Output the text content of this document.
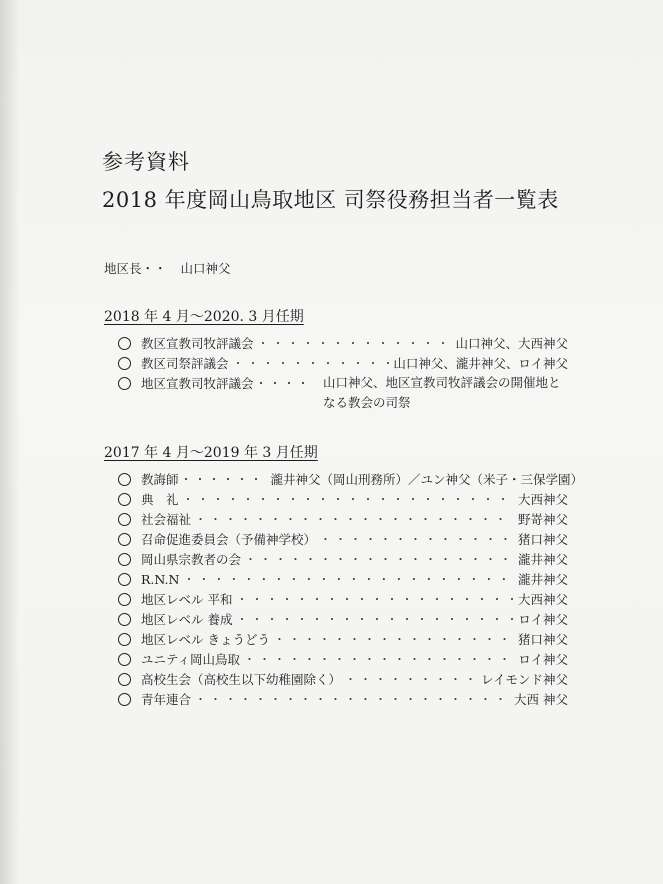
参考資料
2018 年度岡山鳥取地区 司祭役務担当者一覧表
地区長・・ 山口神父
2018 年 4 月～2020. 3 月任期
教区宣教司牧評議会 ・・・・・・・・・・・・・・・・・・・・・・・・・・・・・・・・・・・・・・・・・・・・・・・・・・・・・・	山口神父、大西神父
教区司祭評議会 ・・・・・・・・・・・・・・・・・・・・・・・・・・・・・・・・・・・・・・・・・・・・・・・・・・・・・・	山口神父、瀧井神父、ロイ神父
地区宣教司牧評議会 ・・・・ 山口神父、地区宣教司牧評議会の開催地となる教会の司祭
2017 年 4 月～2019 年 3 月任期
教誨師 ・・・・・・ 瀧井神父（岡山刑務所）／ユン神父（米子・三保学園）
典　礼 ・・・・・・・・・・・・・・・・・・・・・・・・・・・・・・・・・・・・・・・・・・・・・・・・・・・・・・	大西神父
社会福祉 ・・・・・・・・・・・・・・・・・・・・・・・・・・・・・・・・・・・・・・・・・・・・・・・・・・・・・・	野嵜神父
召命促進委員会（予備神学校） ・・・・・・・・・・・・・・・・・・・・・・・・・・・・・・・・・・・・・・・・・・・・・・・・・・・・・・	猪口神父
岡山県宗教者の会 ・・・・・・・・・・・・・・・・・・・・・・・・・・・・・・・・・・・・・・・・・・・・・・・・・・・・・・	瀧井神父
R.N.N ・・・・・・・・・・・・・・・・・・・・・・・・・・・・・・・・・・・・・・・・・・・・・・・・・・・・・・	瀧井神父
地区レベル 平和 ・・・・・・・・・・・・・・・・・・・・・・・・・・・・・・・・・・・・・・・・・・・・・・・・・・・・・・	大西神父
地区レベル 養成 ・・・・・・・・・・・・・・・・・・・・・・・・・・・・・・・・・・・・・・・・・・・・・・・・・・・・・・	ロイ神父
地区レベル きょうどう ・・・・・・・・・・・・・・・・・・・・・・・・・・・・・・・・・・・・・・・・・・・・・・・・・・・・・・	猪口神父
ユニティ岡山鳥取 ・・・・・・・・・・・・・・・・・・・・・・・・・・・・・・・・・・・・・・・・・・・・・・・・・・・・・・	ロイ神父
高校生会（高校生以下幼稚園除く） ・・・・・・・・・・・・・・・・・・・・・・・・・・・・・・・・・・・・・・・・・・・・・・・・・・・・・・	レイモンド神父
青年連合 ・・・・・・・・・・・・・・・・・・・・・・・・・・・・・・・・・・・・・・・・・・・・・・・・・・・・・・	大西 神父
